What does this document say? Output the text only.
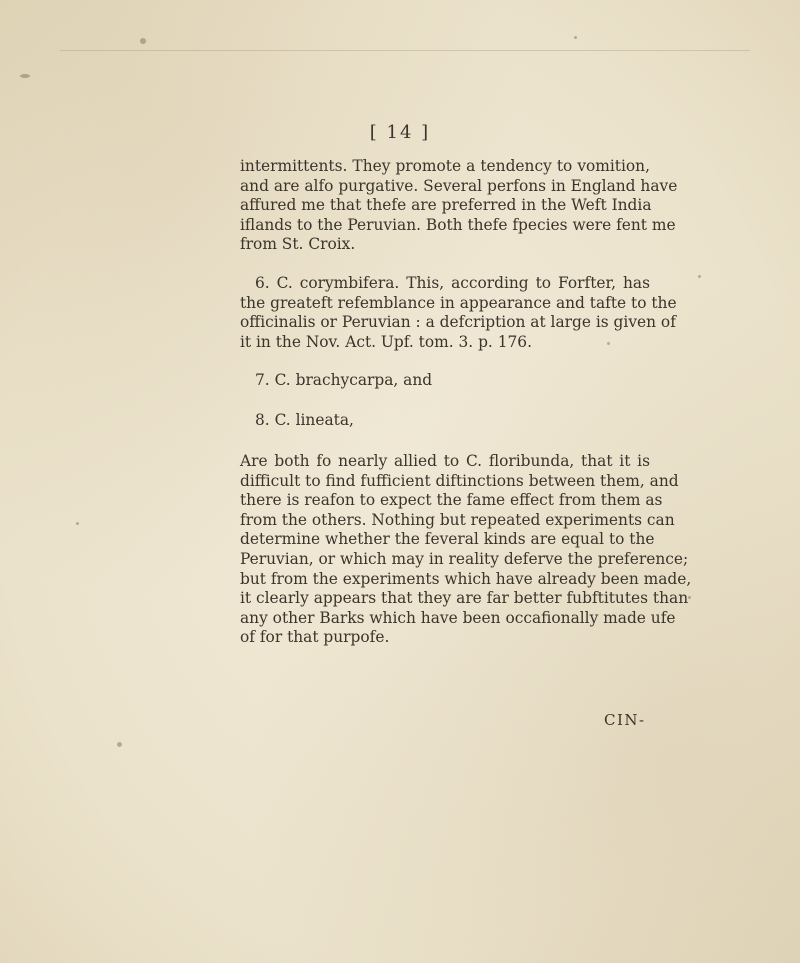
[ 14 ]
intermittents. They promote a tendency to vomition,
and are alfo purgative. Several perfons in England have
affured me that thefe are preferred in the Weft India
iflands to the Peruvian. Both thefe fpecies were fent me
from St. Croix.
6. C. corymbifera. This, according to Forfter, has
the greateft refemblance in appearance and tafte to the
officinalis or Peruvian : a defcription at large is given of
it in the Nov. Act. Upf. tom. 3. p. 176.
7. C. brachycarpa, and
8. C. lineata,
Are both fo nearly allied to C. floribunda, that it is
difficult to find fufficient diftinctions between them, and
there is reafon to expect the fame effect from them as
from the others. Nothing but repeated experiments can
determine whether the feveral kinds are equal to the
Peruvian, or which may in reality deferve the preference;
but from the experiments which have already been made,
it clearly appears that they are far better fubftitutes than
any other Barks which have been occafionally made ufe
of for that purpofe.
CIN-
